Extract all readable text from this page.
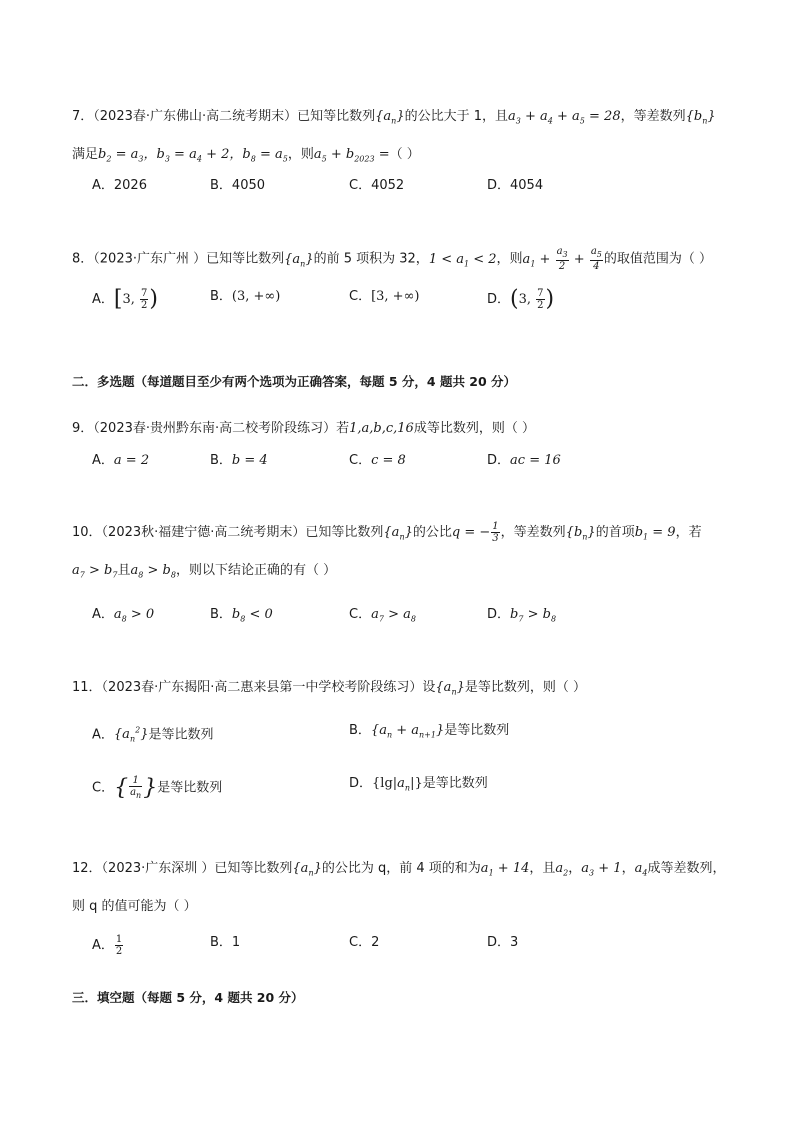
7．（2023春·广东佛山·高二统考期末）已知等比数列$\{a_n\}$的公比大于 1，且$a_3 + a_4 + a_5 = 28$，等差数列$\{b_n\}$
满足$b_2 = a_3$，$b_3 = a_4 + 2$，$b_8 = a_5$，则$a_5 + b_{2023}$ =（ ）
A．2026	B．4050	C．4052	D．4054
8．（2023·广东广州 ）已知等比数列$\{a_n\}$的前 5 项积为 32，$1 < a_1 < 2$，则$a_1 + \frac{a_3}{2} + \frac{a_5}{4}$ 的取值范围为（ ）
A．[3, $\frac{7}{2}$ )	B．(3, +∞)	C．[3, +∞)	D．(3, $\frac{7}{2}$ )
二．多选题（每道题目至少有两个选项为正确答案，每题 5 分，4 题共 20 分）
9．（2023春·贵州黔东南·高二校考阶段练习）若1,a,b,c,16成等比数列，则（ ）
A．a = 2	B．b = 4	C．c = 8	D．ac = 16
10．（2023秋·福建宁德·高二统考期末）已知等比数列$\{a_n\}$的公比q = − $\frac{1}{3}$ ，等差数列$\{b_n\}$的首项$b_1 = 9$，若
$a_7 > b_7$且$a_8 > b_8$，则以下结论正确的有（ ）
A．$a_8 > 0$	B．$b_8 < 0$	C．$a_7 > a_8$	D．$b_7 > b_8$
11．（2023春·广东揭阳·高二惠来县第一中学校考阶段练习）设$\{a_n\}$是等比数列，则（ ）
A．$\{a_n^2\}$是等比数列	B．$\{a_n + a_{n+1}\}$是等比数列
C．{ $\frac{1}{a_n}$ }是等比数列	D．$\{\lg|a_n|\}$是等比数列
12．（2023·广东深圳 ）已知等比数列$\{a_n\}$的公比为 q，前 4 项的和为$a_1 + 14$，且$a_2$，$a_3 + 1$，$a_4$成等差数列，
则 q 的值可能为（ ）
A． $\frac{1}{2}$	B．1	C．2	D．3
三．填空题（每题 5 分，4 题共 20 分）
